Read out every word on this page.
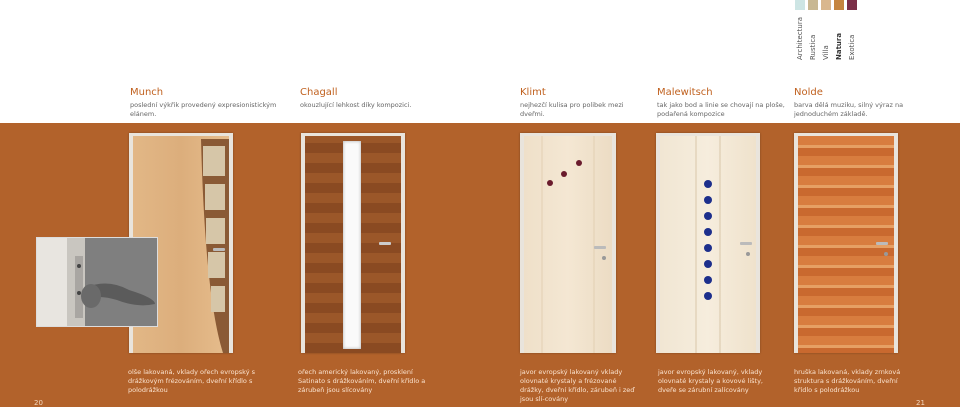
Architectura Rustica Villa Natura Exotica
Munch

poslední výkřik provedený expresionistickým elánem.

Chagall

okouzlující lehkost díky kompozici.

Klimt

nejhezčí kulisa pro polibek mezi dveřmi.

Malewitsch

tak jako bod a linie se chovají na ploše, podařená kompozice

Nolde

barva dělá muziku, silný výraz na jednoduchém základě.

olše lakovaná, vklady ořech evropský s drážkovým frézováním, dveřní křídlo s polodrážkou
ořech americký lakovaný, prosklení Satinato s drážkováním, dveřní křídlo a zárubeň jsou slícovány
javor evropský lakovaný vklady olovnaté krystaly a frézované drážky, dveřní křídlo, zárubeň i zeď jsou slí-covány
javor evropský lakovaný, vklady olovnaté krystaly a kovové lišty, dveře se zárubní zalícovány
hruška lakovaná, vklady zrnková struktura s drážkováním, dveřní křídlo s polodrážkou
20	21
